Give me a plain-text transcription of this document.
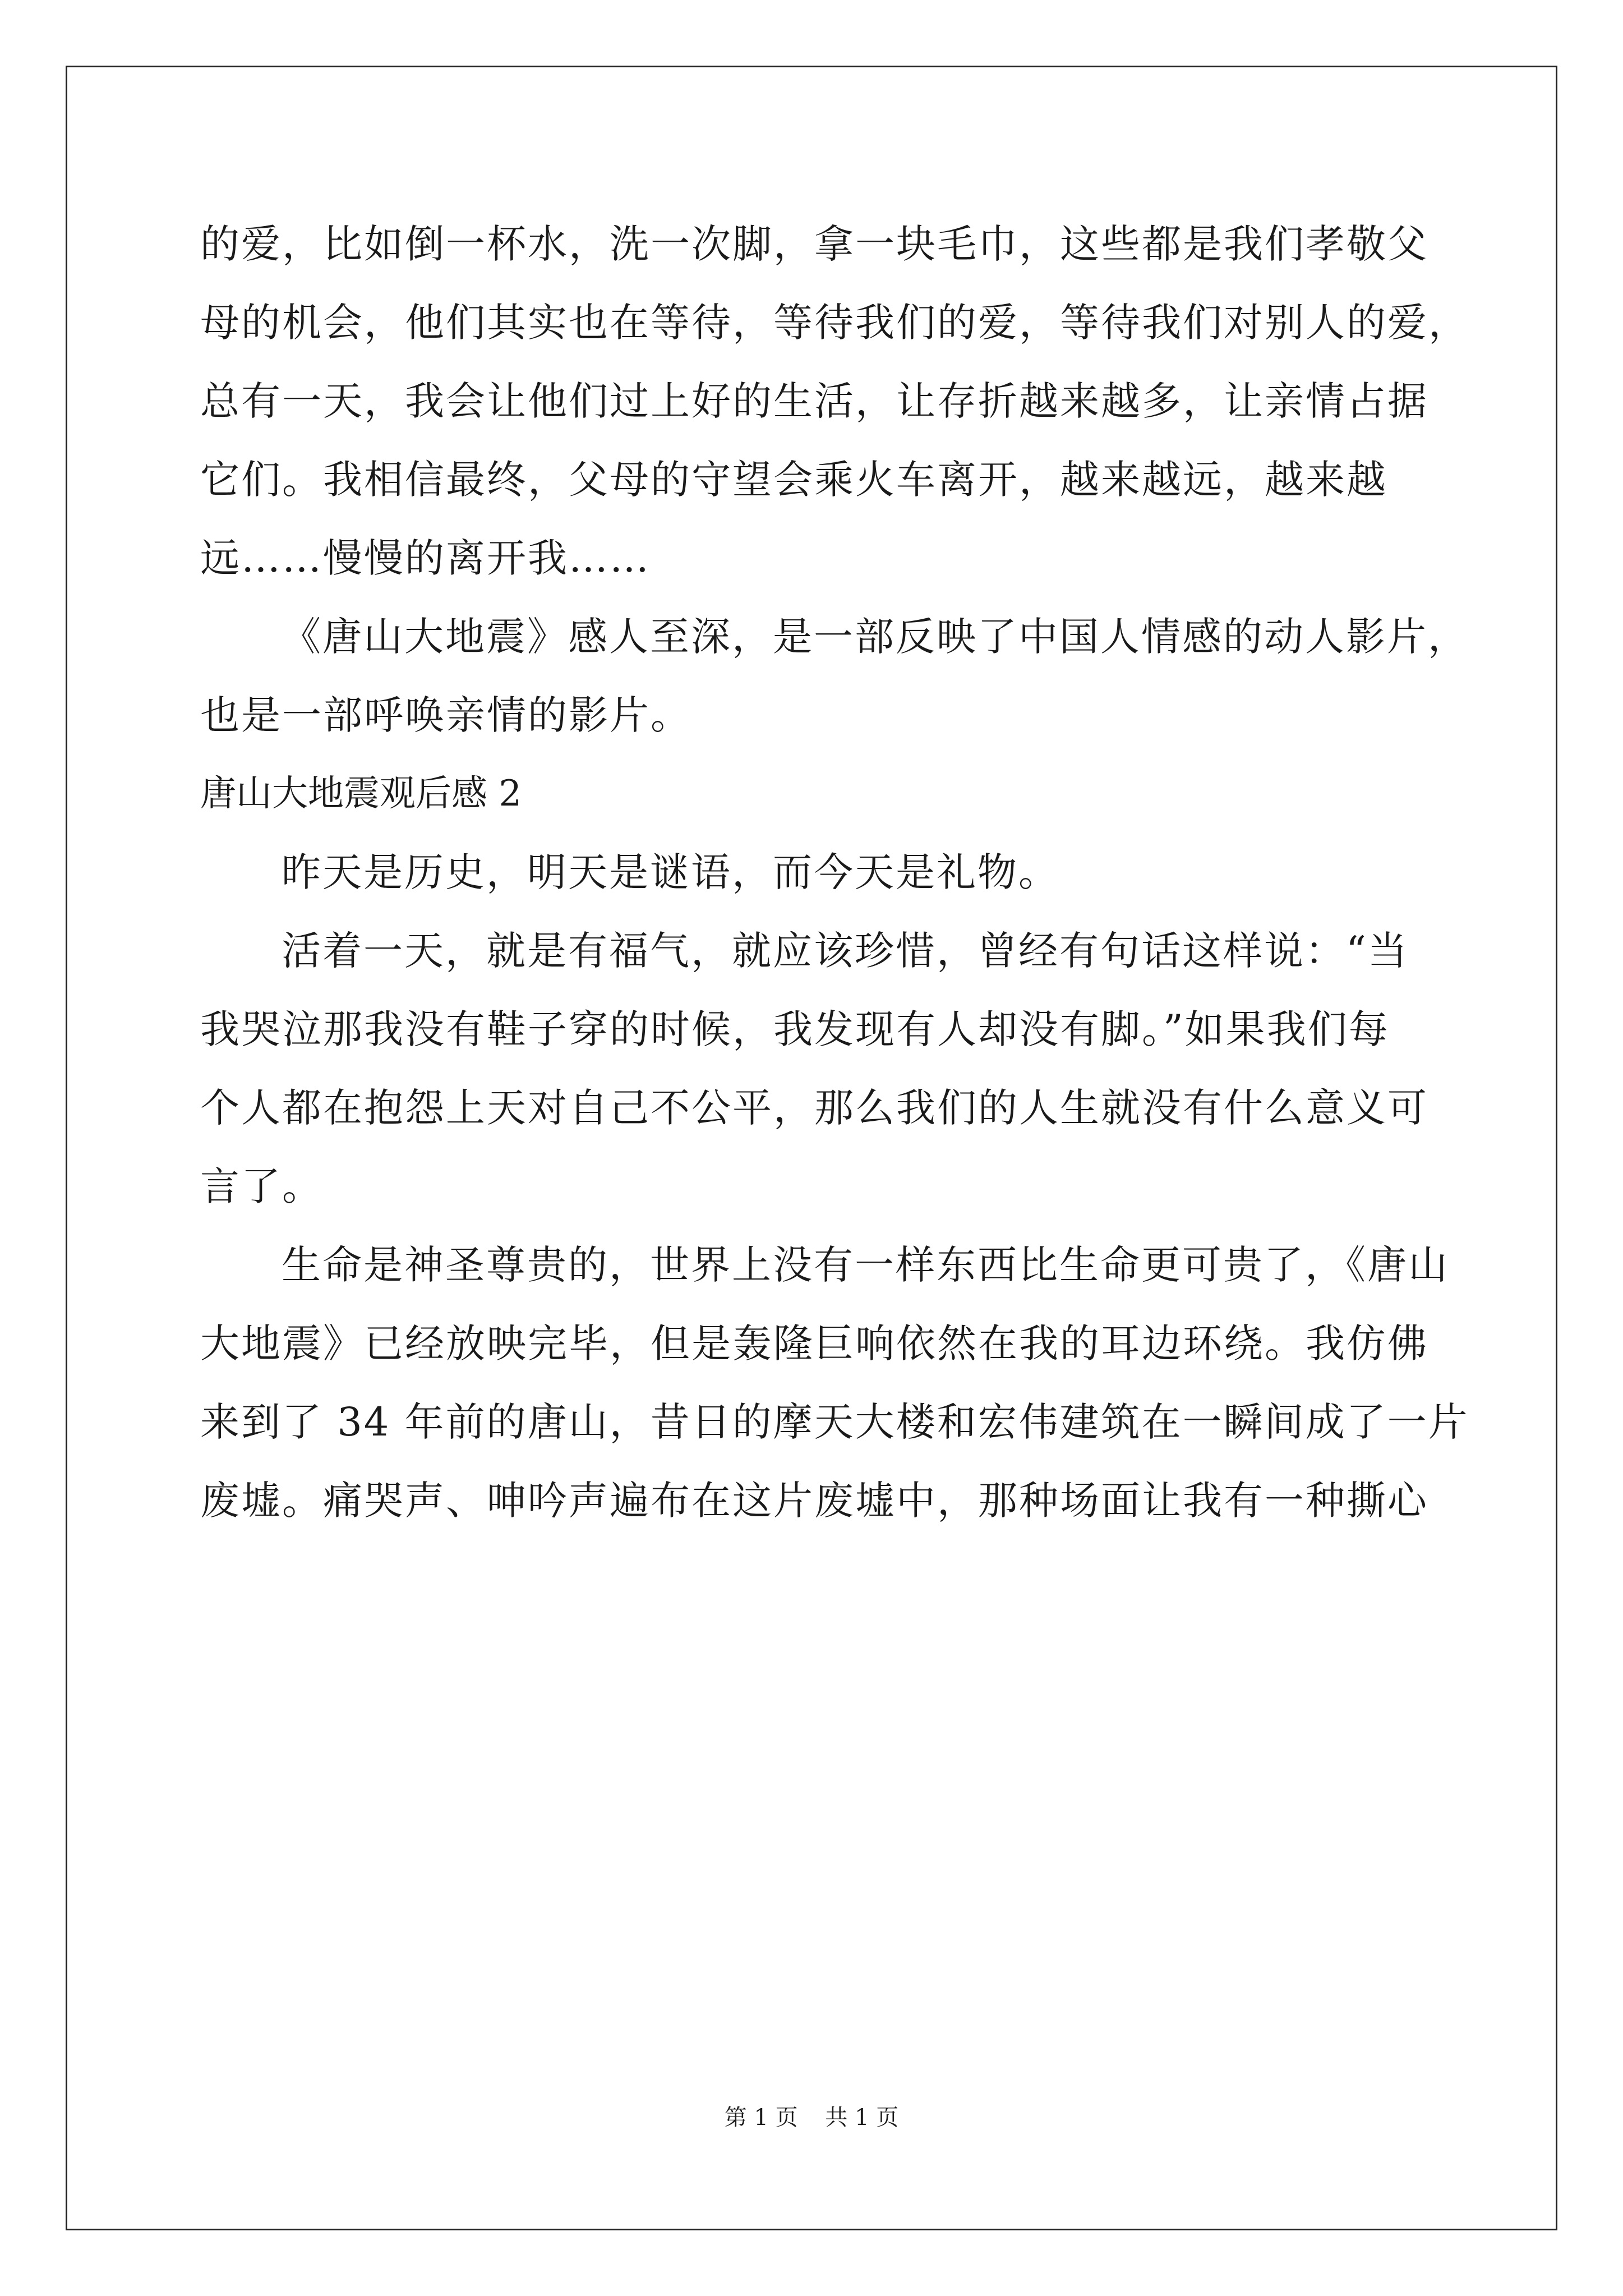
的爱，比如倒一杯水，洗一次脚，拿一块毛巾，这些都是我们孝敬父
母的机会，他们其实也在等待，等待我们的爱，等待我们对别人的爱，
总有一天，我会让他们过上好的生活，让存折越来越多，让亲情占据
它们。我相信最终，父母的守望会乘火车离开，越来越远，越来越
远……慢慢的离开我……
《唐山大地震》感人至深，是一部反映了中国人情感的动人影片，
也是一部呼唤亲情的影片。
唐山大地震观后感 2
昨天是历史，明天是谜语，而今天是礼物。
活着一天，就是有福气，就应该珍惜，曾经有句话这样说：“当
我哭泣那我没有鞋子穿的时候，我发现有人却没有脚。”如果我们每
个人都在抱怨上天对自己不公平，那么我们的人生就没有什么意义可
言了。
生命是神圣尊贵的，世界上没有一样东西比生命更可贵了，《唐山
大地震》已经放映完毕，但是轰隆巨响依然在我的耳边环绕。我仿佛
来到了 34 年前的唐山，昔日的摩天大楼和宏伟建筑在一瞬间成了一片
废墟。痛哭声、呻吟声遍布在这片废墟中，那种场面让我有一种撕心
第 1 页 共 1 页
